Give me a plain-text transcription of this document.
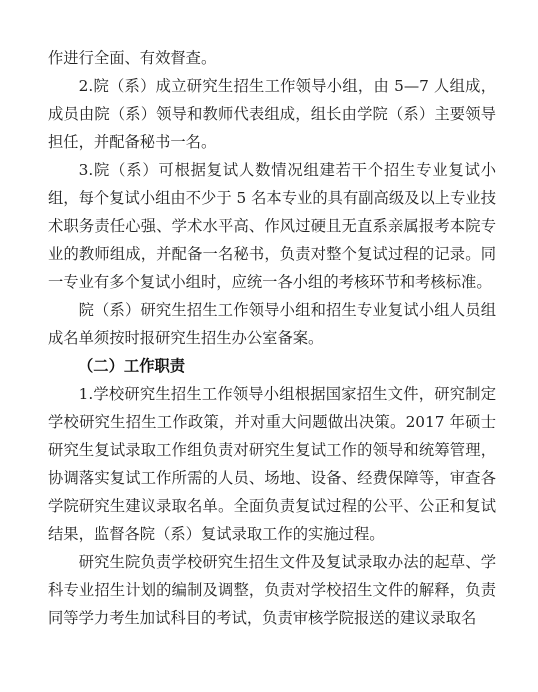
作进行全面、有效督查。

2.院（系）成立研究生招生工作领导小组，由 5—7 人组成，成员由院（系）领导和教师代表组成，组长由学院（系）主要领导担任，并配备秘书一名。

3.院（系）可根据复试人数情况组建若干个招生专业复试小组，每个复试小组由不少于 5 名本专业的具有副高级及以上专业技术职务责任心强、学术水平高、作风过硬且无直系亲属报考本院专业的教师组成，并配备一名秘书，负责对整个复试过程的记录。同一专业有多个复试小组时，应统一各小组的考核环节和考核标准。

院（系）研究生招生工作领导小组和招生专业复试小组人员组成名单须按时报研究生招生办公室备案。

（二）工作职责

1.学校研究生招生工作领导小组根据国家招生文件，研究制定学校研究生招生工作政策，并对重大问题做出决策。2017 年硕士研究生复试录取工作组负责对研究生复试工作的领导和统筹管理，协调落实复试工作所需的人员、场地、设备、经费保障等，审查各学院研究生建议录取名单。全面负责复试过程的公平、公正和复试结果，监督各院（系）复试录取工作的实施过程。

研究生院负责学校研究生招生文件及复试录取办法的起草、学科专业招生计划的编制及调整，负责对学校招生文件的解释，负责同等学力考生加试科目的考试，负责审核学院报送的建议录取名
